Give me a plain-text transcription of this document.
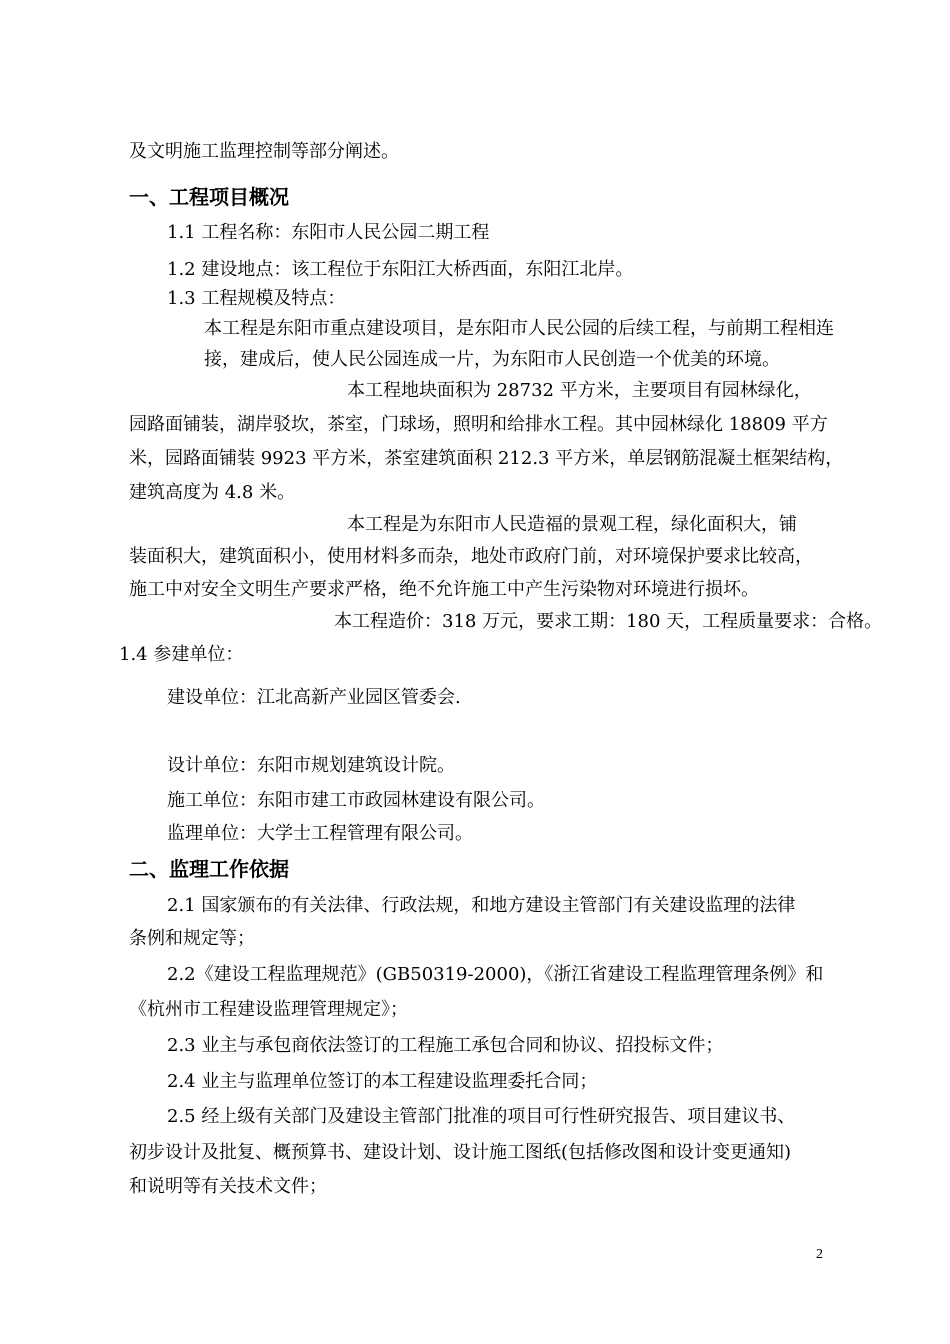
及文明施工监理控制等部分阐述。
一、工程项目概况
1.1 工程名称：东阳市人民公园二期工程
1.2 建设地点：该工程位于东阳江大桥西面，东阳江北岸。
1.3 工程规模及特点：
本工程是东阳市重点建设项目，是东阳市人民公园的后续工程，与前期工程相连
接，建成后，使人民公园连成一片，为东阳市人民创造一个优美的环境。
本工程地块面积为 28732 平方米，主要项目有园林绿化，
园路面铺装，湖岸驳坎，茶室，门球场，照明和给排水工程。其中园林绿化 18809 平方
米，园路面铺装 9923 平方米，茶室建筑面积 212.3 平方米，单层钢筋混凝土框架结构，
建筑高度为 4.8 米。
本工程是为东阳市人民造福的景观工程，绿化面积大，铺
装面积大，建筑面积小，使用材料多而杂，地处市政府门前，对环境保护要求比较高，
施工中对安全文明生产要求严格，绝不允许施工中产生污染物对环境进行损坏。
本工程造价：318 万元，要求工期：180 天，工程质量要求：合格。
1.4 参建单位：
建设单位：江北高新产业园区管委会.
设计单位：东阳市规划建筑设计院。
施工单位：东阳市建工市政园林建设有限公司。
监理单位：大学士工程管理有限公司。
二、监理工作依据
2.1 国家颁布的有关法律、行政法规，和地方建设主管部门有关建设监理的法律
条例和规定等；
2.2《建设工程监理规范》(GB50319-2000)，《浙江省建设工程监理管理条例》和
《杭州市工程建设监理管理规定》；
2.3 业主与承包商依法签订的工程施工承包合同和协议、招投标文件；
2.4 业主与监理单位签订的本工程建设监理委托合同；
2.5 经上级有关部门及建设主管部门批准的项目可行性研究报告、项目建议书、
初步设计及批复、概预算书、建设计划、设计施工图纸(包括修改图和设计变更通知)
和说明等有关技术文件；
2
